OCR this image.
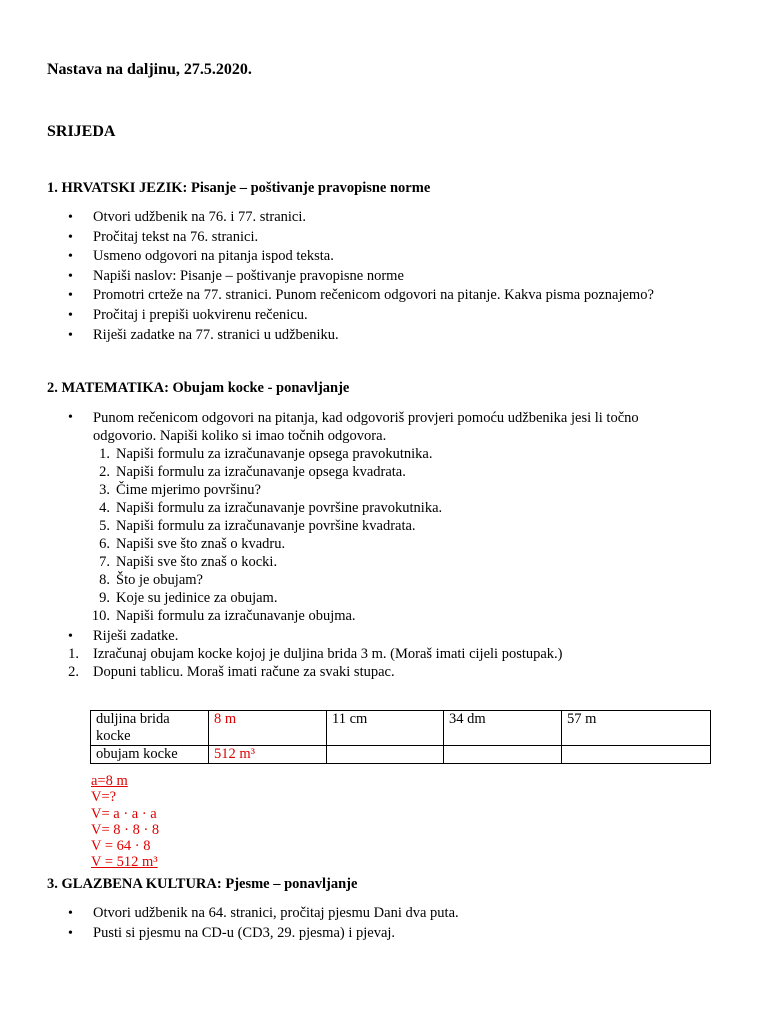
Nastava na daljinu, 27.5.2020.
SRIJEDA
1. HRVATSKI JEZIK: Pisanje – poštivanje pravopisne norme
• Otvori udžbenik na 76. i 77. stranici.
• Pročitaj tekst na 76. stranici.
• Usmeno odgovori na pitanja ispod teksta.
• Napiši naslov: Pisanje – poštivanje pravopisne norme
• Promotri crteže na 77. stranici. Punom rečenicom odgovori na pitanje. Kakva pisma poznajemo?
• Pročitaj i prepiši uokvirenu rečenicu.
• Riješi zadatke na 77. stranici u udžbeniku.
2. MATEMATIKA: Obujam kocke - ponavljanje
• Punom rečenicom odgovori na pitanja, kad odgovoriš provjeri pomoću udžbenika jesi li točno
odgovorio. Napiši koliko si imao točnih odgovora.
1. Napiši formulu za izračunavanje opsega pravokutnika.
2. Napiši formulu za izračunavanje opsega kvadrata.
3. Čime mjerimo površinu?
4. Napiši formulu za izračunavanje površine pravokutnika.
5. Napiši formulu za izračunavanje površine kvadrata.
6. Napiši sve što znaš o kvadru.
7. Napiši sve što znaš o kocki.
8. Što je obujam?
9. Koje su jedinice za obujam.
10. Napiši formulu za izračunavanje obujma.
• Riješi zadatke.
1. Izračunaj obujam kocke kojoj je duljina brida 3 m. (Moraš imati cijeli postupak.)
2. Dopuni tablicu. Moraš imati račune za svaki stupac.
duljina brida
kocke	8 m	11 cm	34 dm	57 m
obujam kocke	512 m³			
a=8 m
V=?
V= a · a · a
V= 8 · 8 · 8
V = 64 · 8
V = 512 m³
3. GLAZBENA KULTURA: Pjesme – ponavljanje
• Otvori udžbenik na 64. stranici, pročitaj pjesmu Dani dva puta.
• Pusti si pjesmu na CD-u (CD3, 29. pjesma) i pjevaj.
